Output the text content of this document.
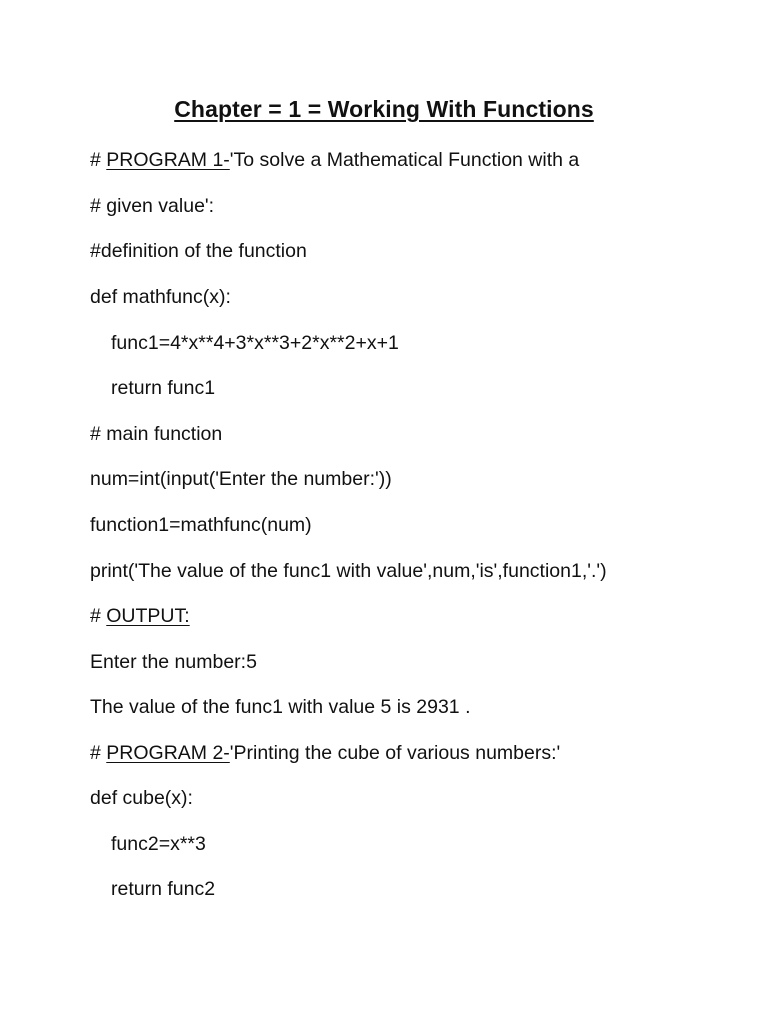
Chapter = 1 = Working With Functions
# PROGRAM 1-'To solve a Mathematical Function with a
# given value':
#definition of the function
def mathfunc(x):
func1=4*x**4+3*x**3+2*x**2+x+1
return func1
# main function
num=int(input('Enter the number:'))
function1=mathfunc(num)
print('The value of the func1 with value',num,'is',function1,'.')
# OUTPUT:
Enter the number:5
The value of the func1 with value 5 is 2931 .
# PROGRAM 2-'Printing the cube of various numbers:'
def cube(x):
func2=x**3
return func2
